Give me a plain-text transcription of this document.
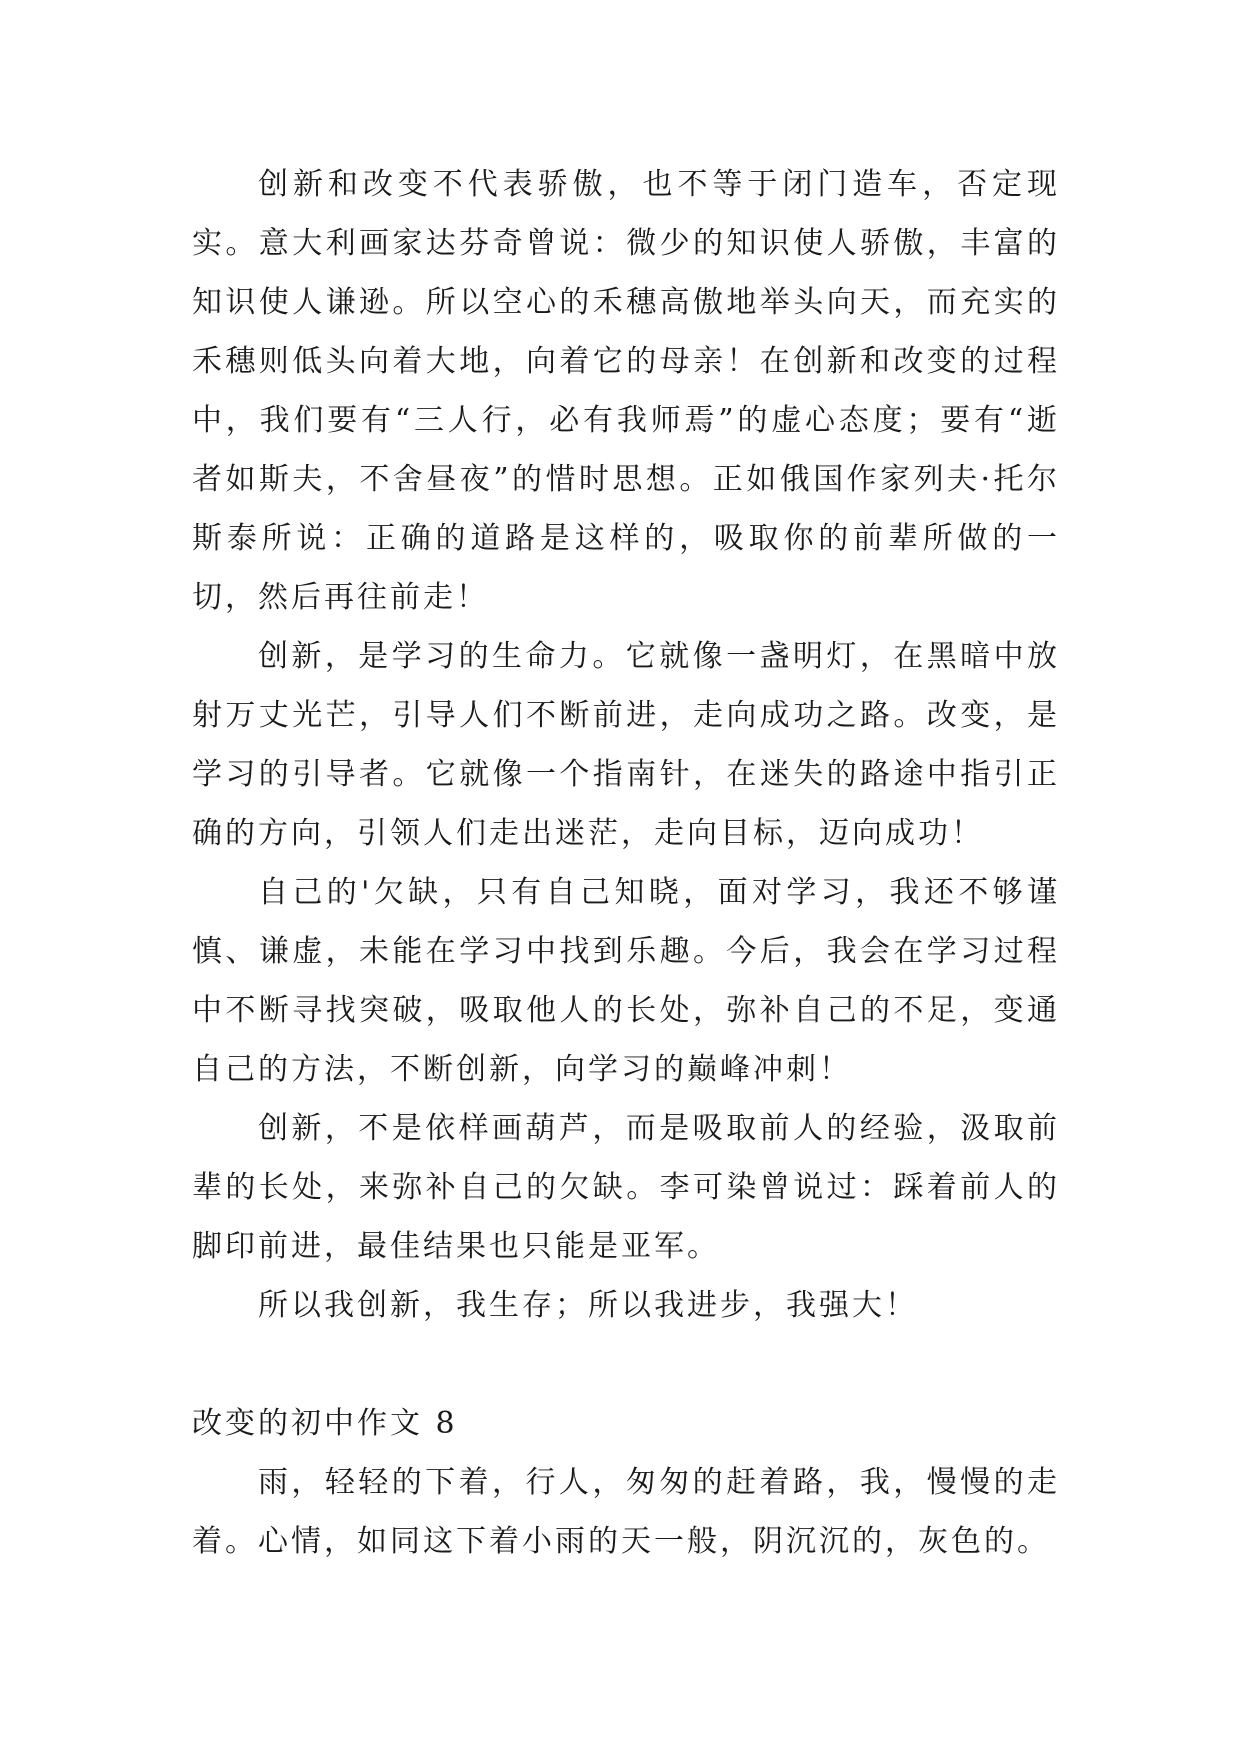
创新和改变不代表骄傲，也不等于闭门造车，否定现实。意大利画家达芬奇曾说：微少的知识使人骄傲，丰富的知识使人谦逊。所以空心的禾穗高傲地举头向天，而充实的禾穗则低头向着大地，向着它的母亲！在创新和改变的过程中，我们要有“三人行，必有我师焉”的虚心态度；要有“逝者如斯夫，不舍昼夜”的惜时思想。正如俄国作家列夫·托尔斯泰所说：正确的道路是这样的，吸取你的前辈所做的一切，然后再往前走！

创新，是学习的生命力。它就像一盏明灯，在黑暗中放射万丈光芒，引导人们不断前进，走向成功之路。改变，是学习的引导者。它就像一个指南针，在迷失的路途中指引正确的方向，引领人们走出迷茫，走向目标，迈向成功！

自己的'欠缺，只有自己知晓，面对学习，我还不够谨慎、谦虚，未能在学习中找到乐趣。今后，我会在学习过程中不断寻找突破，吸取他人的长处，弥补自己的不足，变通自己的方法，不断创新，向学习的巅峰冲刺！

创新，不是依样画葫芦，而是吸取前人的经验，汲取前辈的长处，来弥补自己的欠缺。李可染曾说过：踩着前人的脚印前进，最佳结果也只能是亚军。

所以我创新，我生存；所以我进步，我强大！

改变的初中作文 8

雨，轻轻的下着，行人，匆匆的赶着路，我，慢慢的走着。心情，如同这下着小雨的天一般，阴沉沉的，灰色的。
